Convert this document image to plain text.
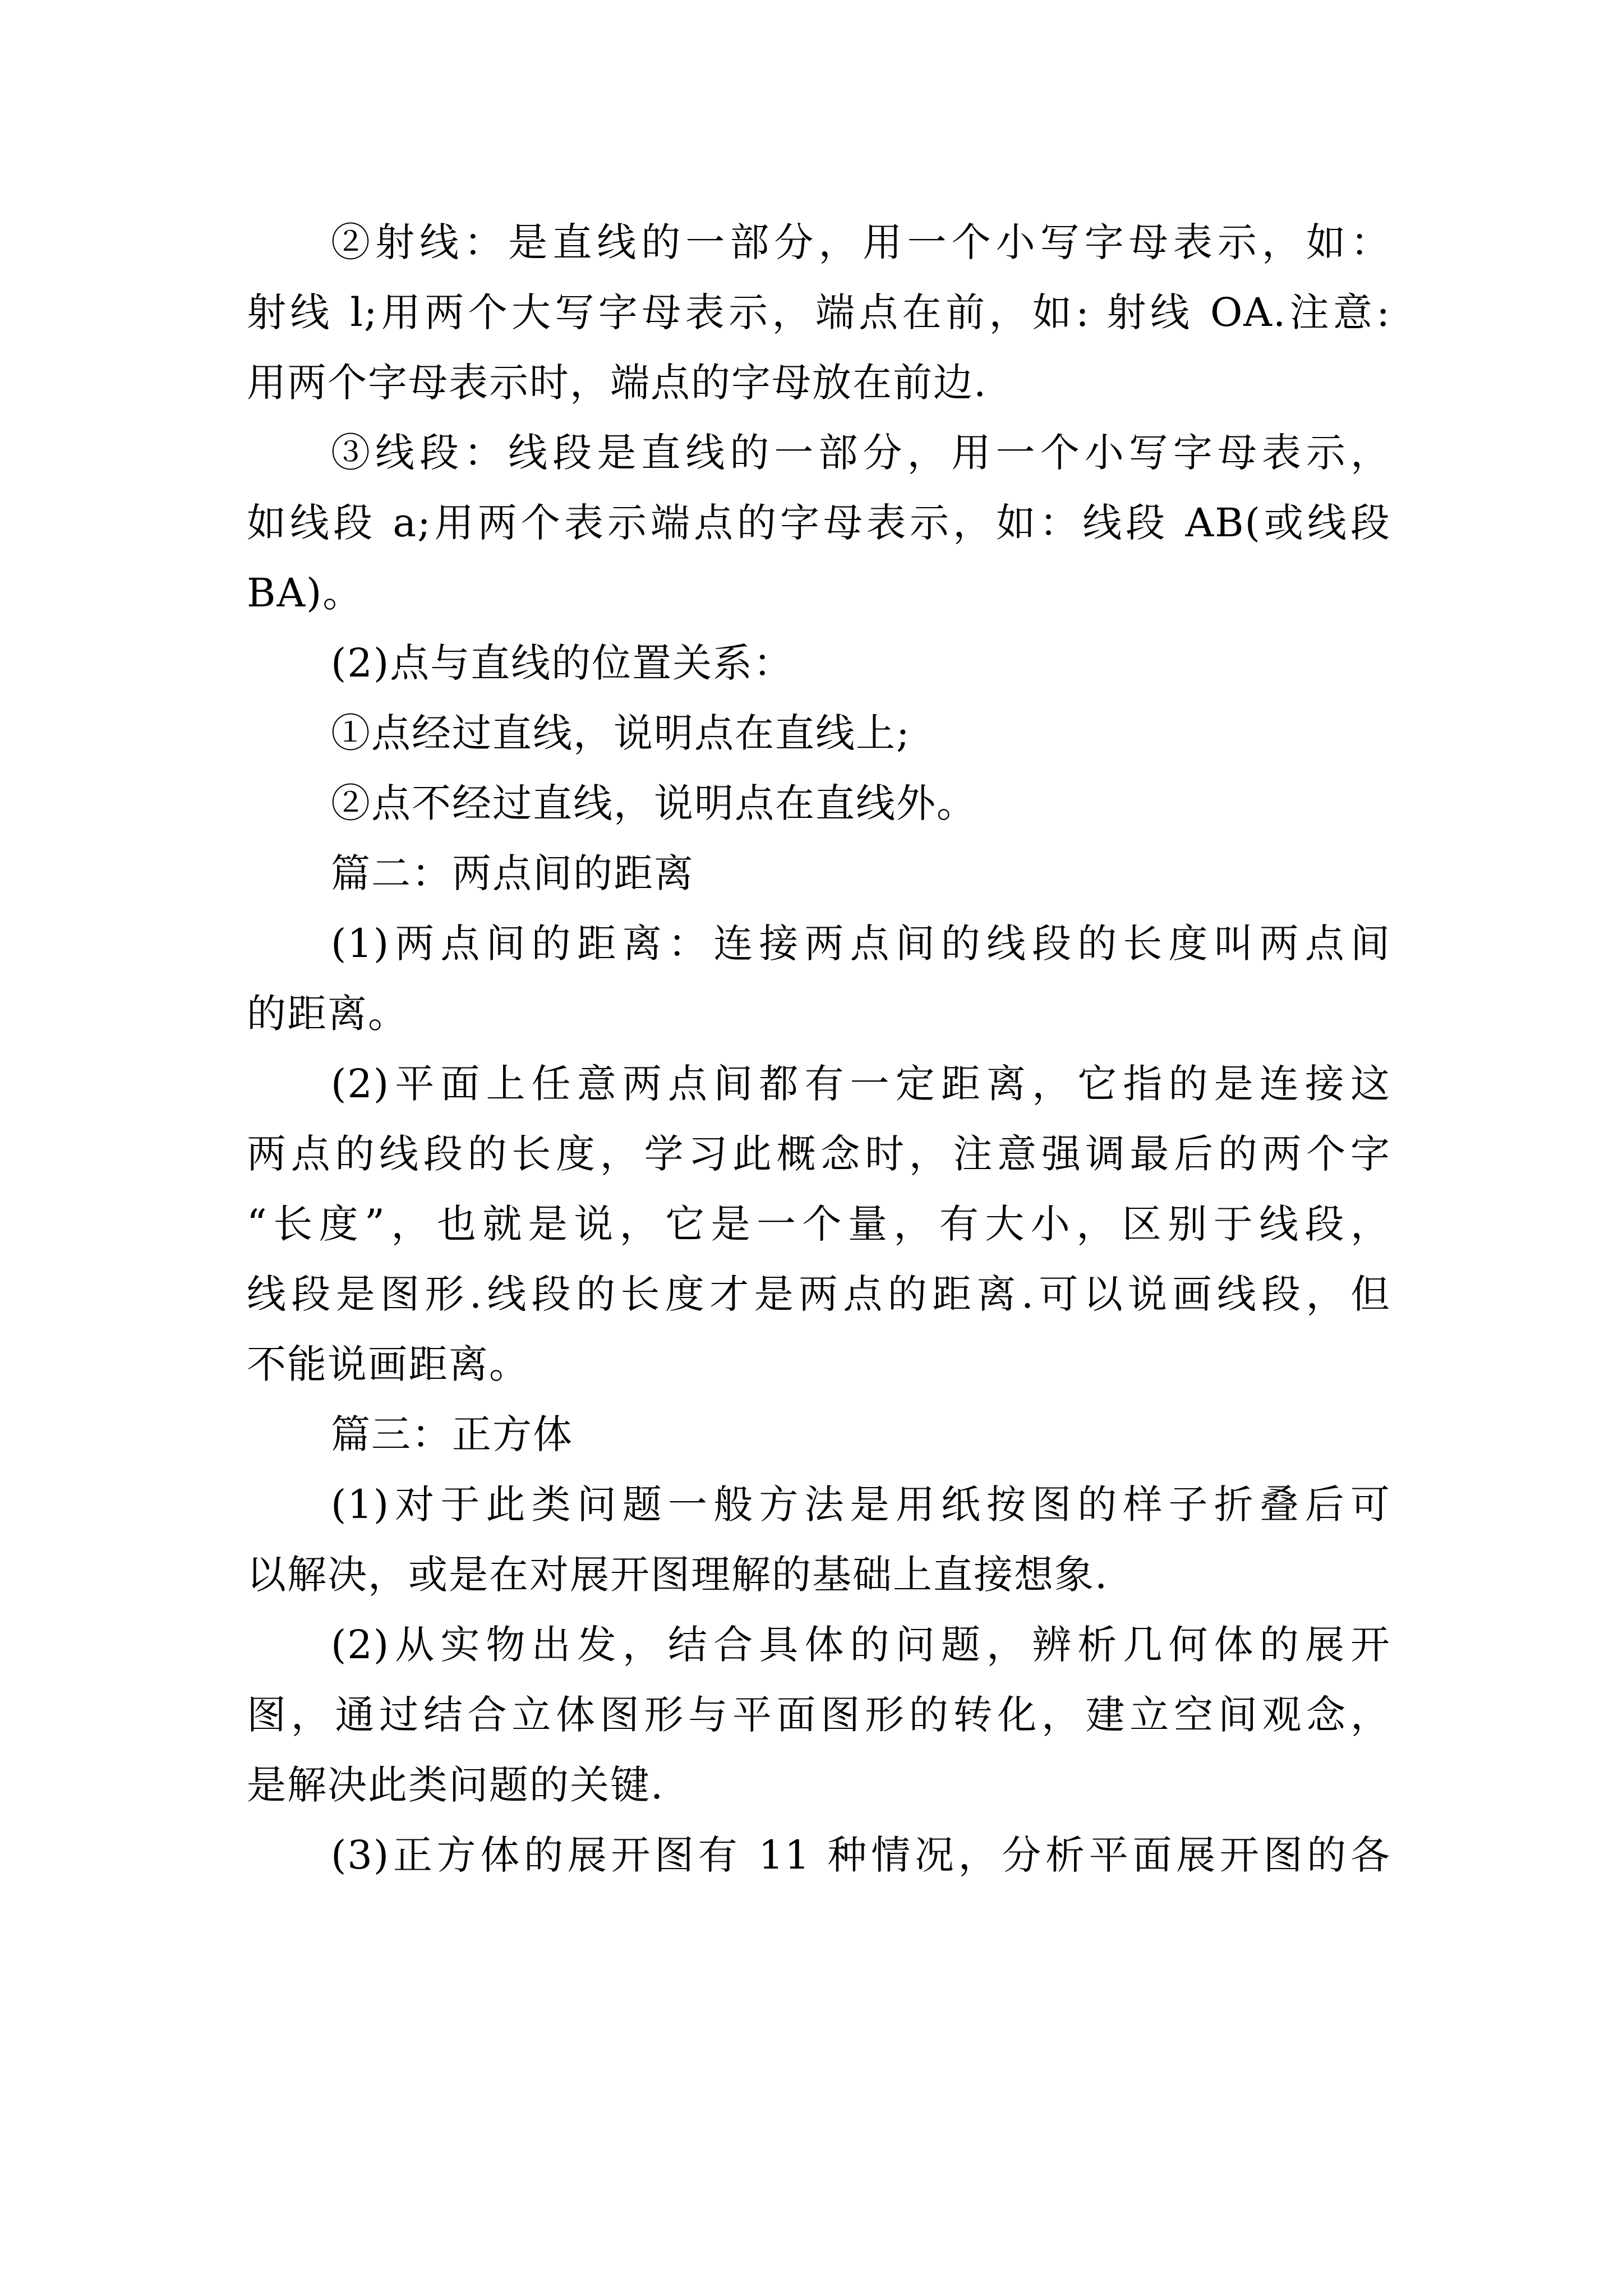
②射线：是直线的一部分，用一个小写字母表示，如：
射线 l;用两个大写字母表示，端点在前，如: 射线 OA.注意:
用两个字母表示时，端点的字母放在前边.
③线段：线段是直线的一部分，用一个小写字母表示，
如线段 a;用两个表示端点的字母表示，如：线段 AB(或线段
BA)。
(2)点与直线的位置关系：
①点经过直线，说明点在直线上;
②点不经过直线，说明点在直线外。
篇二：两点间的距离
(1)两点间的距离：连接两点间的线段的长度叫两点间
的距离。
(2)平面上任意两点间都有一定距离，它指的是连接这
两点的线段的长度，学习此概念时，注意强调最后的两个字
“长度”，也就是说，它是一个量，有大小，区别于线段，
线段是图形.线段的长度才是两点的距离.可以说画线段，但
不能说画距离。
篇三：正方体
(1)对于此类问题一般方法是用纸按图的样子折叠后可
以解决，或是在对展开图理解的基础上直接想象.
(2)从实物出发，结合具体的问题，辨析几何体的展开
图，通过结合立体图形与平面图形的转化，建立空间观念，
是解决此类问题的关键.
(3)正方体的展开图有 11 种情况，分析平面展开图的各
